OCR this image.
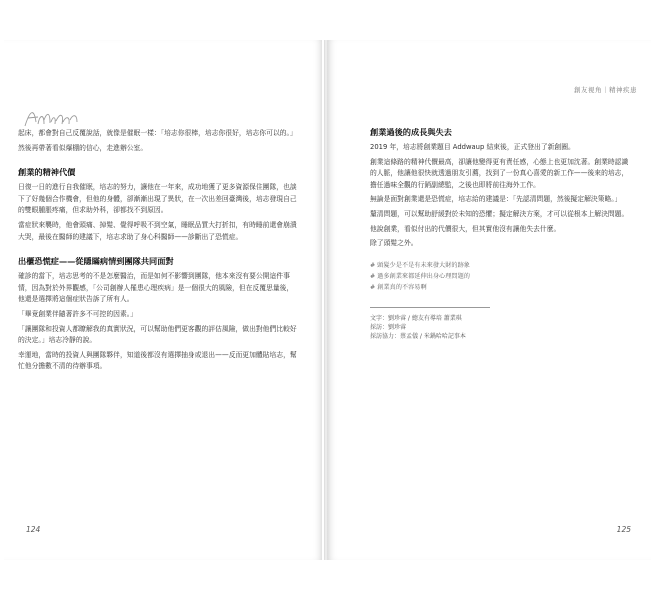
起床，都會對自己反覆說話，就像是催眠一樣：「培志你很棒，培志你很好，培志你可以的。」
然後再帶著看似爆棚的信心，走進辦公室。
創業的精神代價
日復一日的進行自我催眠，培志的努力，讓他在一年來，成功地獲了更多資源保住團隊，也談下了好幾個合作機會，但他的身體，卻漸漸出現了異狀，在一次出差回臺灣後，培志發現自己的雙眼腫脹疼痛，但求助外科，卻都找不到原因。
當症狀來襲時，他會頭痛、掉髮、覺得呼吸不到空氣，睡眠品質大打折扣，有時睡前還會崩潰大哭，最後在醫師的建議下，培志求助了身心科醫師——診斷出了恐慌症。
出櫃恐慌症——從隱瞞病情到團隊共同面對
確診的當下，培志思考的不是怎麼醫治，而是如何不影響到團隊，他本來沒有要公開這件事情，因為對於外界觀感，「公司創辦人罹患心理疾病」是一個很大的風險，但在反覆思量後，他還是選擇將這個症狀告訴了所有人。
「畢竟創業伴隨著許多不可控的因素。」
「讓團隊和投資人都瞭解我的真實狀況，可以幫助他們更客觀的評估風險，做出對他們比較好的決定。」培志冷靜的說。
幸運地，當時的投資人與團隊夥伴，知道後都沒有選擇抽身或退出——反而更加體貼培志，幫忙他分擔數不清的待辦事項。
124
創友視角｜精神疾患
創業過後的成長與失去
2019 年，培志將創業題目 Addwaup 結束後，正式登出了新創圈。
創業這條路的精神代價最高，卻讓他變得更有責任感，心態上也更加沈著。創業時認識的人脈，他讓他很快就透過朋友引薦，找到了一份真心喜愛的新工作——後來的培志，擔任過味全觀的行銷副總監，之後也即將前往海外工作。
無論是面對創業還是恐慌症，培志給的建議是：「先認清問題，然後擬定解決策略。」
釐清問題，可以幫助舒緩對於未知的恐懼；擬定解決方案，才可以從根本上解決問題。
他說創業，看似付出的代價很大，但其實他沒有讓他失去什麼。
除了頭髮之外。
# 頭髮少是不是有未來發大財的跡象
# 過多創業來都延伸出身心理問題的
# 創業真的不容易啊
文字：劉珍睿 / 總友有導培 蕭業琪
採訪：劉珍睿
採訪協力：蔡孟儀 / 米鍋哈哈記事本
125
